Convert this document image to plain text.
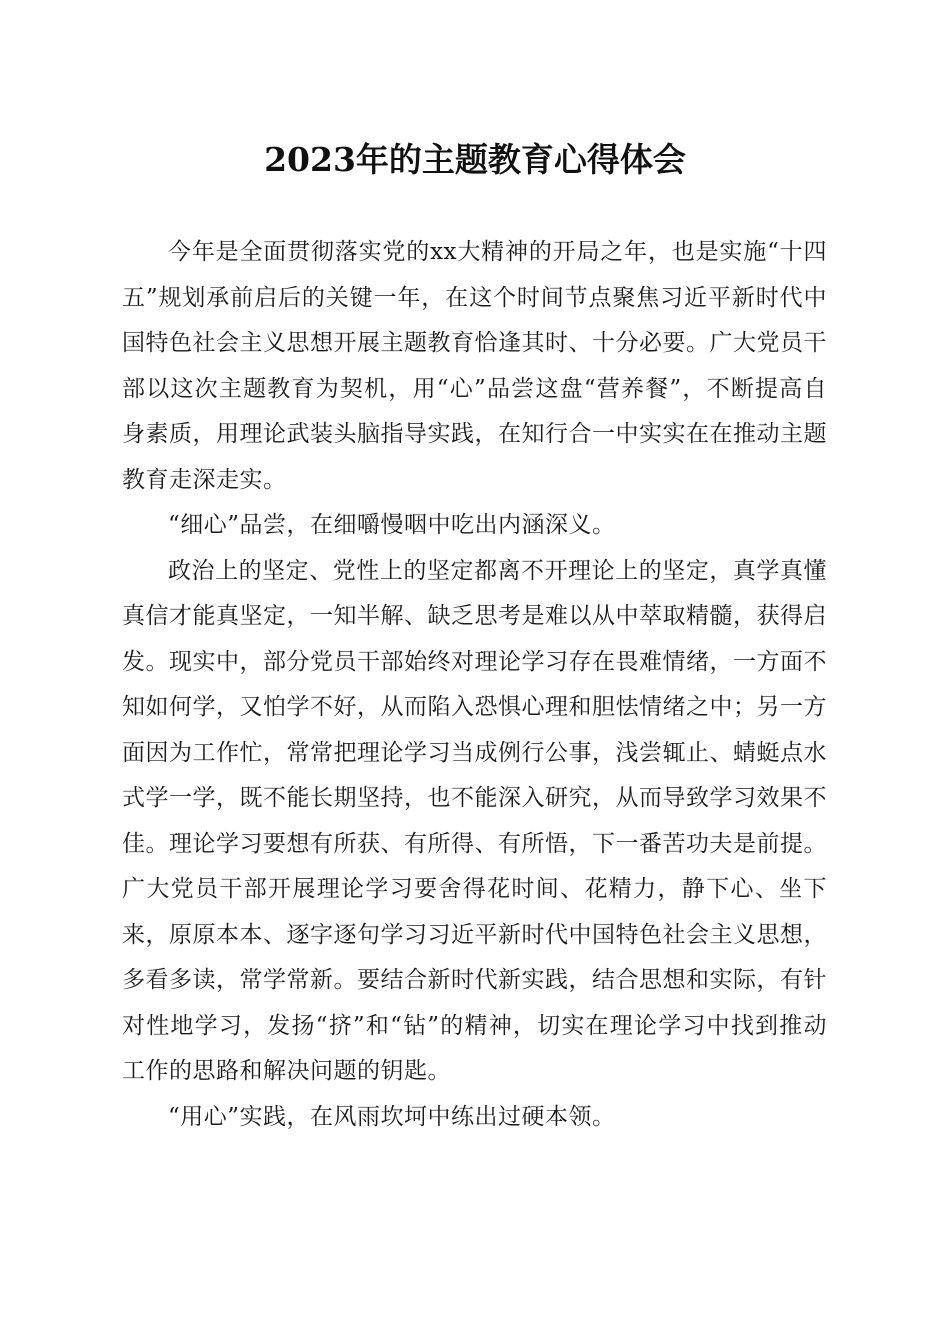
2023年的主题教育心得体会

今年是全面贯彻落实党的xx大精神的开局之年，也是实施“十四五”规划承前启后的关键一年，在这个时间节点聚焦习近平新时代中国特色社会主义思想开展主题教育恰逢其时、十分必要。广大党员干部以这次主题教育为契机，用“心”品尝这盘“营养餐”，不断提高自身素质，用理论武装头脑指导实践，在知行合一中实实在在推动主题教育走深走实。

“细心”品尝，在细嚼慢咽中吃出内涵深义。

政治上的坚定、党性上的坚定都离不开理论上的坚定，真学真懂真信才能真坚定，一知半解、缺乏思考是难以从中萃取精髓，获得启发。现实中，部分党员干部始终对理论学习存在畏难情绪，一方面不知如何学，又怕学不好，从而陷入恐惧心理和胆怯情绪之中；另一方面因为工作忙，常常把理论学习当成例行公事，浅尝辄止、蜻蜓点水式学一学，既不能长期坚持，也不能深入研究，从而导致学习效果不佳。理论学习要想有所获、有所得、有所悟，下一番苦功夫是前提。广大党员干部开展理论学习要舍得花时间、花精力，静下心、坐下来，原原本本、逐字逐句学习习近平新时代中国特色社会主义思想，多看多读，常学常新。要结合新时代新实践，结合思想和实际，有针对性地学习，发扬“挤”和“钻”的精神，切实在理论学习中找到推动工作的思路和解决问题的钥匙。

“用心”实践，在风雨坎坷中练出过硬本领。
